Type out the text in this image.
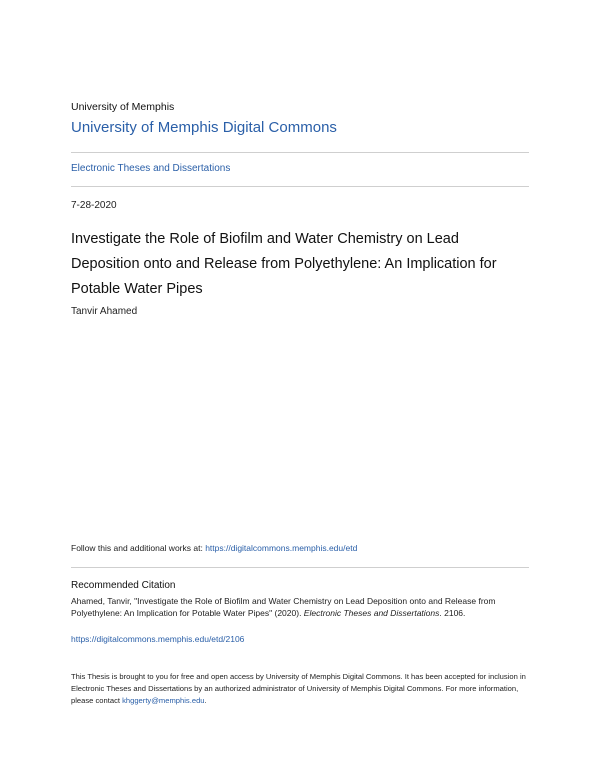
University of Memphis
University of Memphis Digital Commons
Electronic Theses and Dissertations
7-28-2020
Investigate the Role of Biofilm and Water Chemistry on Lead Deposition onto and Release from Polyethylene: An Implication for Potable Water Pipes
Tanvir Ahamed
Follow this and additional works at: https://digitalcommons.memphis.edu/etd
Recommended Citation
Ahamed, Tanvir, "Investigate the Role of Biofilm and Water Chemistry on Lead Deposition onto and Release from Polyethylene: An Implication for Potable Water Pipes" (2020). Electronic Theses and Dissertations. 2106.
https://digitalcommons.memphis.edu/etd/2106
This Thesis is brought to you for free and open access by University of Memphis Digital Commons. It has been accepted for inclusion in Electronic Theses and Dissertations by an authorized administrator of University of Memphis Digital Commons. For more information, please contact khggerty@memphis.edu.
